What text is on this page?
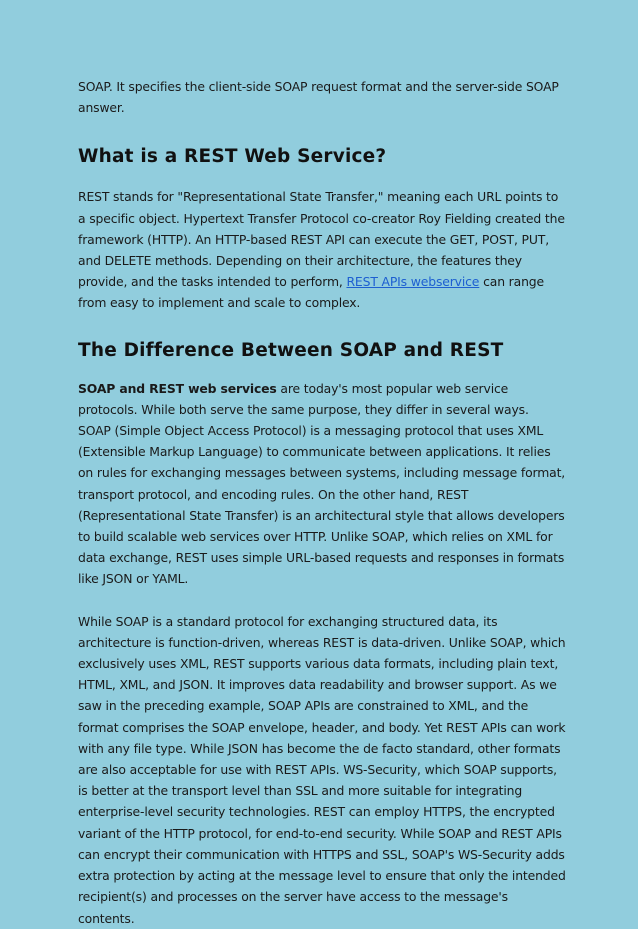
SOAP. It specifies the client-side SOAP request format and the server-side SOAP answer.

What is a REST Web Service?

REST stands for "Representational State Transfer," meaning each URL points to a specific object. Hypertext Transfer Protocol co-creator Roy Fielding created the framework (HTTP). An HTTP-based REST API can execute the GET, POST, PUT, and DELETE methods. Depending on their architecture, the features they provide, and the tasks intended to perform, REST APIs webservice can range from easy to implement and scale to complex.

The Difference Between SOAP and REST

SOAP and REST web services are today's most popular web service protocols. While both serve the same purpose, they differ in several ways.

SOAP (Simple Object Access Protocol) is a messaging protocol that uses XML (Extensible Markup Language) to communicate between applications. It relies on rules for exchanging messages between systems, including message format, transport protocol, and encoding rules. On the other hand, REST (Representational State Transfer) is an architectural style that allows developers to build scalable web services over HTTP. Unlike SOAP, which relies on XML for data exchange, REST uses simple URL-based requests and responses in formats like JSON or YAML.

While SOAP is a standard protocol for exchanging structured data, its architecture is function-driven, whereas REST is data-driven. Unlike SOAP, which exclusively uses XML, REST supports various data formats, including plain text, HTML, XML, and JSON. It improves data readability and browser support. As we saw in the preceding example, SOAP APIs are constrained to XML, and the format comprises the SOAP envelope, header, and body. Yet REST APIs can work with any file type. While JSON has become the de facto standard, other formats are also acceptable for use with REST APIs. WS-Security, which SOAP supports, is better at the transport level than SSL and more suitable for integrating enterprise-level security technologies. REST can employ HTTPS, the encrypted variant of the HTTP protocol, for end-to-end security. While SOAP and REST APIs can encrypt their communication with HTTPS and SSL, SOAP's WS-Security adds extra protection by acting at the message level to ensure that only the intended recipient(s) and processes on the server have access to the message's contents.
